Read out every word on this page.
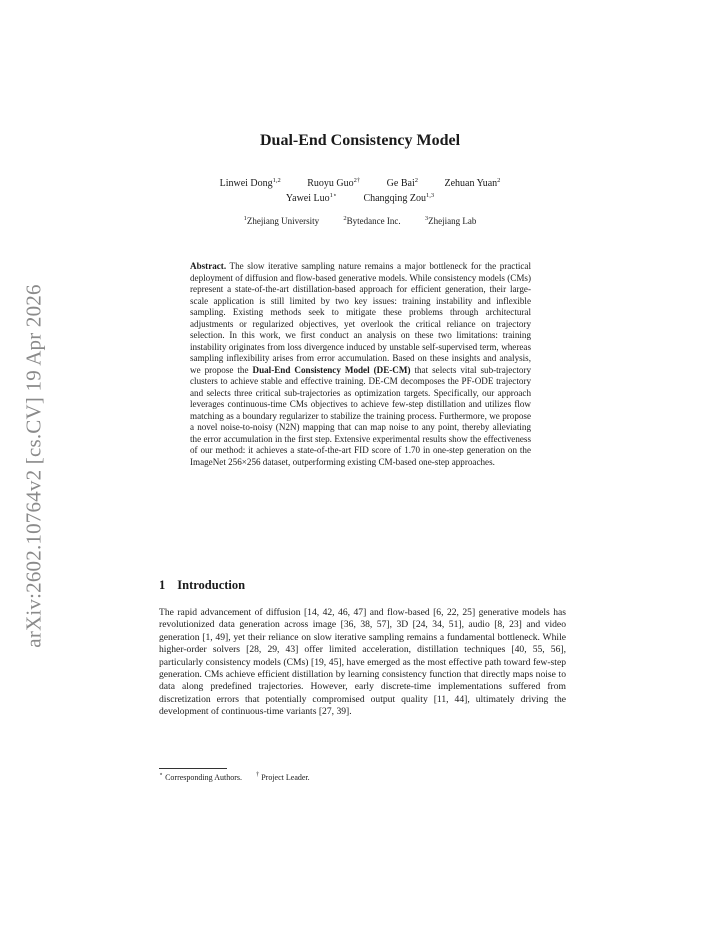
arXiv:2602.10764v2 [cs.CV] 19 Apr 2026
Dual-End Consistency Model
Linwei Dong$^{1,2}$	Ruoyu Guo$^{2\dagger}$	Ge Bai$^2$	Zehuan Yuan$^2$
Yawei Luo$^{1⋆}$	Changqing Zou$^{1,3}$
$^1$Zhejiang University	$^2$Bytedance Inc.	$^3$Zhejiang Lab
Abstract. The slow iterative sampling nature remains a major bottleneck for the practical deployment of diffusion and flow-based generative models. While consistency models (CMs) represent a state-of-the-art distillation-based approach for efficient generation, their large-scale application is still limited by two key issues: training instability and inflexible sampling. Existing methods seek to mitigate these problems through architectural adjustments or regularized objectives, yet overlook the critical reliance on trajectory selection. In this work, we first conduct an analysis on these two limitations: training instability originates from loss divergence induced by unstable self-supervised term, whereas sampling inflexibility arises from error accumulation. Based on these insights and analysis, we propose the Dual-End Consistency Model (DE-CM) that selects vital sub-trajectory clusters to achieve stable and effective training. DE-CM decomposes the PF-ODE trajectory and selects three critical sub-trajectories as optimization targets. Specifically, our approach leverages continuous-time CMs objectives to achieve few-step distillation and utilizes flow matching as a boundary regularizer to stabilize the training process. Furthermore, we propose a novel noise-to-noisy (N2N) mapping that can map noise to any point, thereby alleviating the error accumulation in the first step. Extensive experimental results show the effectiveness of our method: it achieves a state-of-the-art FID score of 1.70 in one-step generation on the ImageNet 256×256 dataset, outperforming existing CM-based one-step approaches.
1 Introduction
The rapid advancement of diffusion [14, 42, 46, 47] and flow-based [6, 22, 25] generative models has revolutionized data generation across image [36, 38, 57], 3D [24, 34, 51], audio [8, 23] and video generation [1, 49], yet their reliance on slow iterative sampling remains a fundamental bottleneck. While higher-order solvers [28, 29, 43] offer limited acceleration, distillation techniques [40, 55, 56], particularly consistency models (CMs) [19, 45], have emerged as the most effective path toward few-step generation. CMs achieve efficient distillation by learning consistency function that directly maps noise to data along predefined trajectories. However, early discrete-time implementations suffered from discretization errors that potentially compromised output quality [11, 44], ultimately driving the development of continuous-time variants [27, 39].
⋆ Corresponding Authors. † Project Leader.
